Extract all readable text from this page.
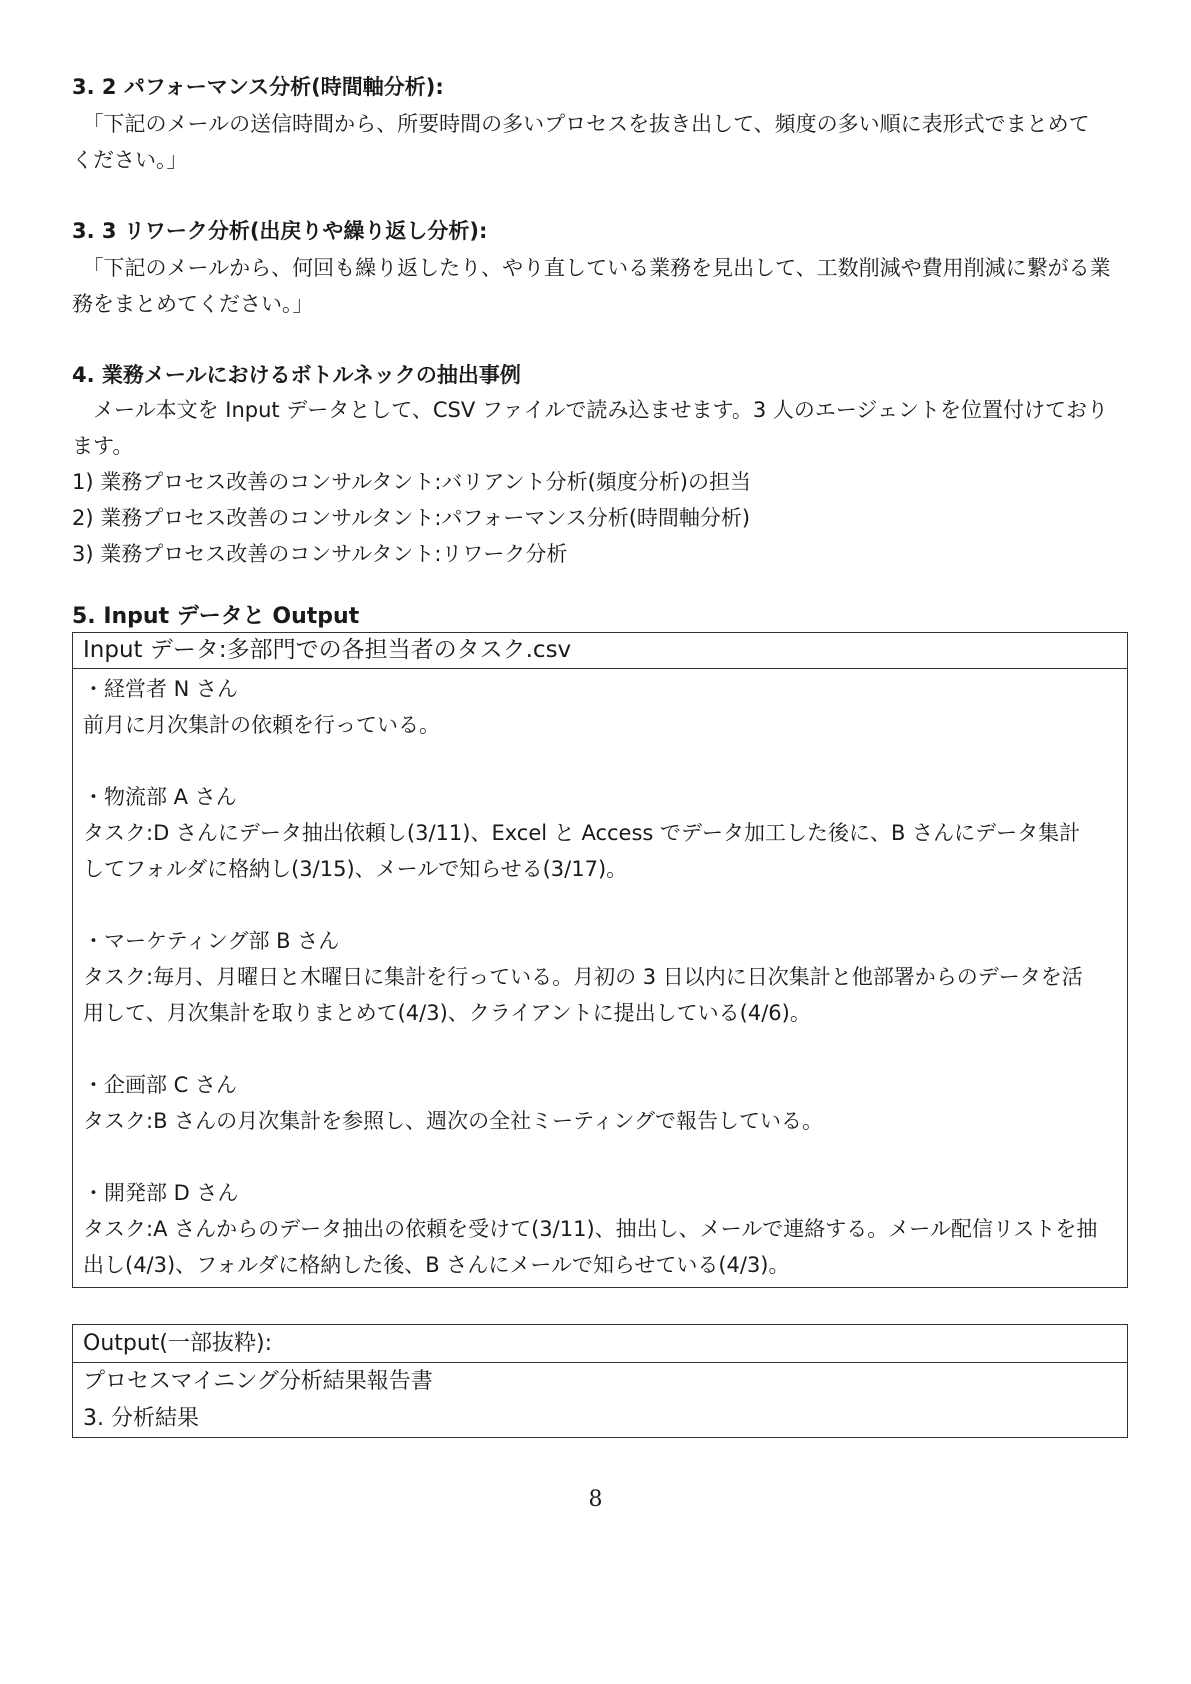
3. 2 パフォーマンス分析(時間軸分析):

「下記のメールの送信時間から、所要時間の多いプロセスを抜き出して、頻度の多い順に表形式でまとめて

ください。」

3. 3 リワーク分析(出戻りや繰り返し分析):

「下記のメールから、何回も繰り返したり、やり直している業務を見出して、工数削減や費用削減に繋がる業

務をまとめてください。」

4. 業務メールにおけるボトルネックの抽出事例

メール本文を Input データとして、CSV ファイルで読み込ませます。3 人のエージェントを位置付けており

ます。

1) 業務プロセス改善のコンサルタント:バリアント分析(頻度分析)の担当

2) 業務プロセス改善のコンサルタント:パフォーマンス分析(時間軸分析)

3) 業務プロセス改善のコンサルタント:リワーク分析

5. Input データと Output

Input データ:多部門での各担当者のタスク.csv

・経営者 N さん

前月に月次集計の依頼を行っている。

・物流部 A さん

タスク:D さんにデータ抽出依頼し(3/11)、Excel と Access でデータ加工した後に、B さんにデータ集計

してフォルダに格納し(3/15)、メールで知らせる(3/17)。

・マーケティング部 B さん

タスク:毎月、月曜日と木曜日に集計を行っている。月初の 3 日以内に日次集計と他部署からのデータを活

用して、月次集計を取りまとめて(4/3)、クライアントに提出している(4/6)。

・企画部 C さん

タスク:B さんの月次集計を参照し、週次の全社ミーティングで報告している。

・開発部 D さん

タスク:A さんからのデータ抽出の依頼を受けて(3/11)、抽出し、メールで連絡する。メール配信リストを抽

出し(4/3)、フォルダに格納した後、B さんにメールで知らせている(4/3)。

Output(一部抜粋):
プロセスマイニング分析結果報告書
3. 分析結果
8
